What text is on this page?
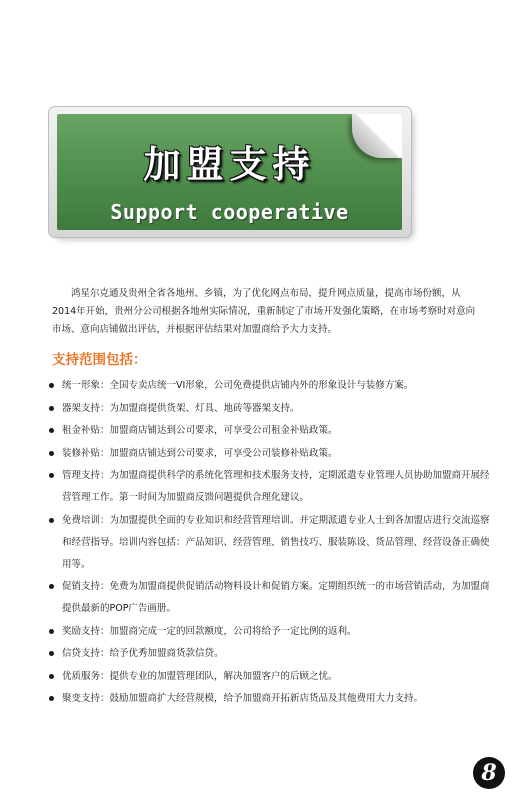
加盟支持
Support cooperative

鸿星尔克通及贵州全省各地州、乡镇，为了优化网点布局，提升网点质量，提高市场份额，从2014年开始，贵州分公司根据各地州实际情况，重新制定了市场开发强化策略，在市场考察时对意向市场、意向店铺做出评估，并根据评估结果对加盟商给予大力支持。

支持范围包括：
统一形象：全国专卖店统一VI形象，公司免费提供店铺内外的形象设计与装修方案。
器架支持：为加盟商提供货架、灯具、地砖等器架支持。
租金补贴：加盟商店铺达到公司要求，可享受公司租金补贴政策。
装修补贴：加盟商店铺达到公司要求，可享受公司装修补贴政策。
管理支持：为加盟商提供科学的系统化管理和技术服务支持，定期派遣专业管理人员协助加盟商开展经营管理工作。第一时间为加盟商反馈问题提供合理化建议。
免费培训：为加盟提供全面的专业知识和经营管理培训。并定期派遣专业人士到各加盟店进行交流巡察和经营指导。培训内容包括：产品知识、经营管理、销售技巧、服装陈设、货品管理、经营设备正确使用等。
促销支持：免费为加盟商提供促销活动物料设计和促销方案。定期组织统一的市场营销活动，为加盟商提供最新的POP广告画册。
奖励支持：加盟商完成一定的回款额度，公司将给予一定比例的返利。
信贷支持：给予优秀加盟商货款信贷。
优质服务：提供专业的加盟管理团队，解决加盟客户的后顾之忧。
聚变支持：鼓励加盟商扩大经营规模，给予加盟商开拓新店货品及其他费用大力支持。
8
